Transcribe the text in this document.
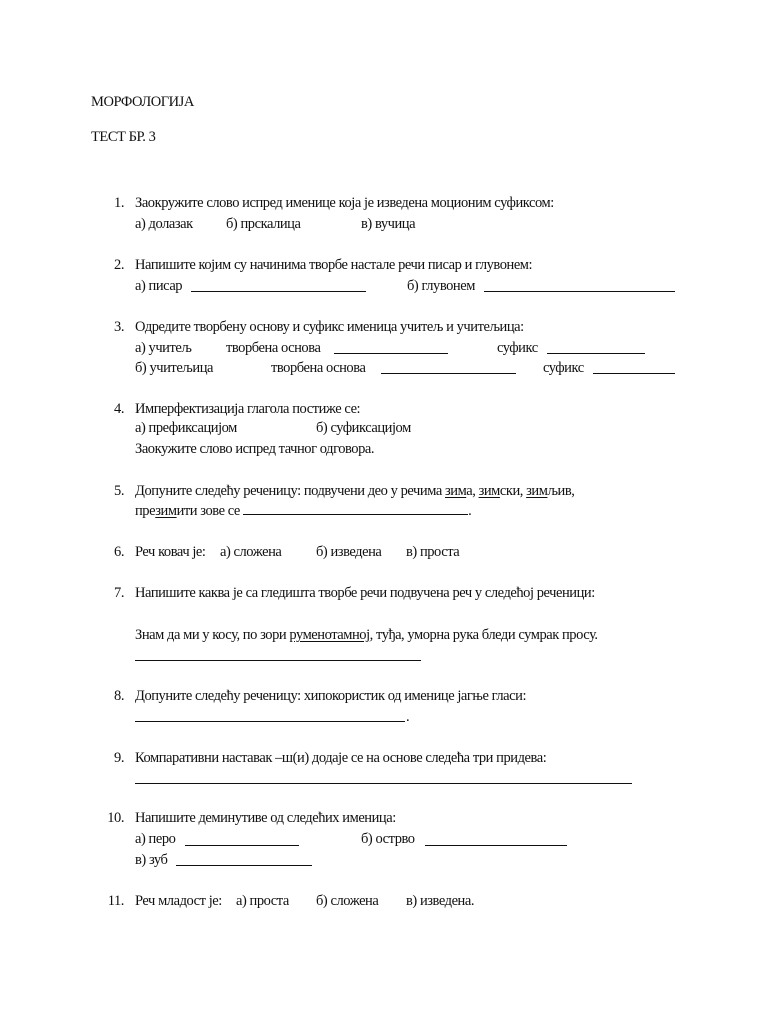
МОРФОЛОГИЈА
ТЕСТ БР. 3
1. Заокружите слово испред именице која је изведена моционим суфиксом:
а) долазак б) прскалица	в) вучица
2. Напишите којим су начинима творбе настале речи писар и глувонем:
а) писар	б) глувонем
3. Одредите творбену основу и суфикс именица учитељ и учитељица:
а) учитељ творбена основа	суфикс
б) учитељица	творбена основа	суфикс
4. Имперфектизација глагола постиже се:
а) префиксацијом	б) суфиксацијом
Заокужите слово испред тачног одговора.
5. Допуните следећу реченицу: подвучени део у речима зима, зимски, зимљив,
презимити зове се	.
6. Реч ковач је: а) сложена б) изведена в) проста
7. Напишите каква је са гледишта творбе речи подвучена реч у следећој реченици:
Знам да ми у косу, по зори руменотамној, туђа, уморна рука бледи сумрак просу.
8. Допуните следећу реченицу: хипокористик од именице јагње гласи:
.
9. Компаративни наставак –ш(и) додаје се на основе следећа три придева:
10. Напишите деминутиве од следећих именица:
а) перо	б) острво
в) зуб
11. Реч младост је: а) проста б) сложена в) изведена.
